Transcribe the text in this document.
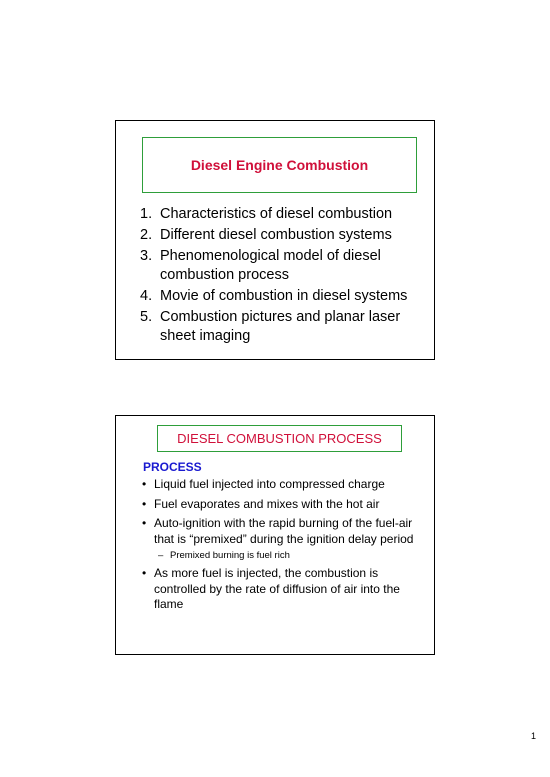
Diesel Engine Combustion
1. Characteristics of diesel combustion
2. Different diesel combustion systems
3. Phenomenological model of diesel combustion process
4. Movie of combustion in diesel systems
5. Combustion pictures and planar laser sheet imaging
DIESEL COMBUSTION PROCESS
PROCESS
• Liquid fuel injected into compressed charge
• Fuel evaporates and mixes with the hot air
• Auto-ignition with the rapid burning of the fuel-air that is “premixed” during the ignition delay period
– Premixed burning is fuel rich
• As more fuel is injected, the combustion is controlled by the rate of diffusion of air into the flame
1
